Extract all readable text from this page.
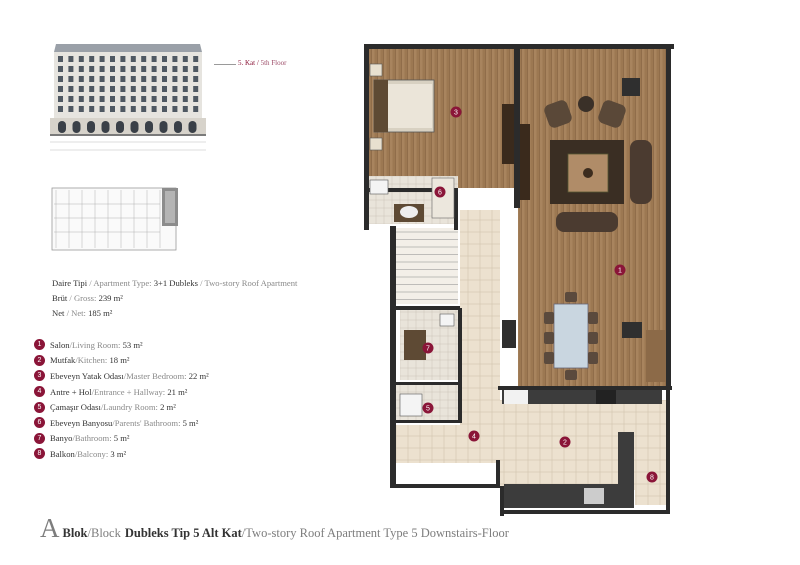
5. Kat / 5th Floor
Daire Tipi / Apartment Type: 3+1 Dubleks / Two-story Roof Apartment
Brüt / Gross: 239 m²
Net / Net: 185 m²
1 Salon / Living Room : 53 m²
2 Mutfak / Kitchen : 18 m²
3 Ebeveyn Yatak Odası / Master Bedroom : 22 m²
4 Antre + Hol / Entrance + Hallway : 21 m²
5 Çamaşır Odası / Laundry Room : 2 m²
6 Ebeveyn Banyosu / Parents' Bathroom : 5 m²
7 Banyo / Bathroom : 5 m²
8 Balkon / Balcony : 3 m²
A Blok / Block
Dubleks Tip 5 Alt Kat / Two-story Roof Apartment Type 5 Downstairs-Floor
1
2
3
4
5
6
7
8
